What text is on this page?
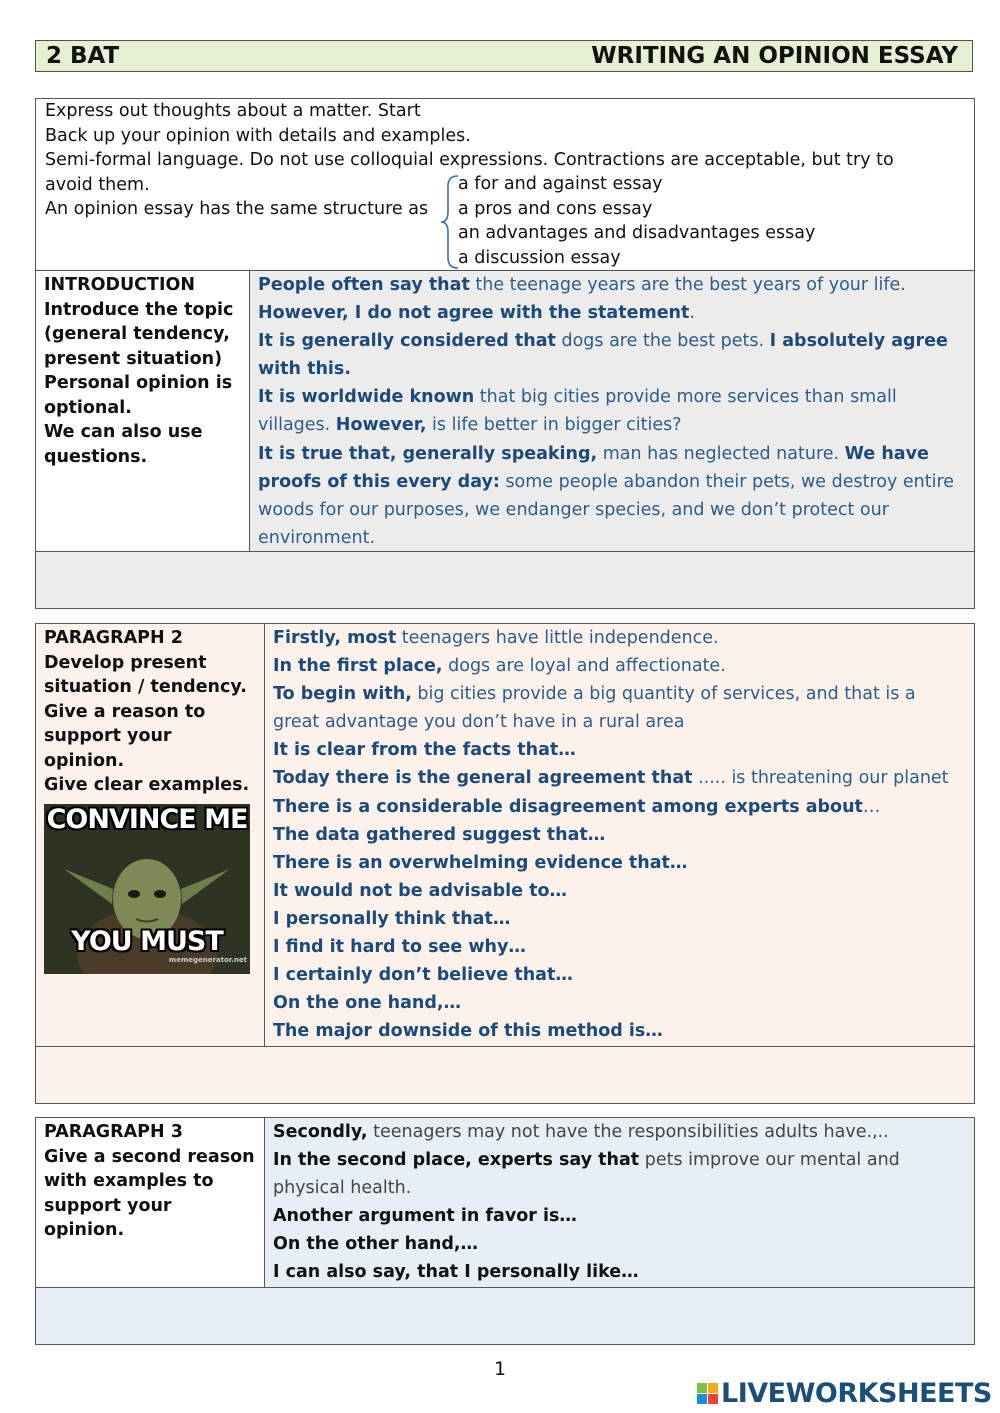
2 BAT	WRITING AN OPINION ESSAY
Express out thoughts about a matter. Start
Back up your opinion with details and examples.
Semi-formal language. Do not use colloquial expressions. Contractions are acceptable, but try to
avoid them.
An opinion essay has the same structure as
a for and against essay
a pros and cons essay
an advantages and disadvantages essay
a discussion essay
INTRODUCTION
Introduce the topic
(general tendency,
present situation)
Personal opinion is
optional.
We can also use
questions.
People often say that the teenage years are the best years of your life.
However, I do not agree with the statement.
It is generally considered that dogs are the best pets. I absolutely agree with this.
It is worldwide known that big cities provide more services than small villages. However, is life better in bigger cities?
It is true that, generally speaking, man has neglected nature. We have proofs of this every day: some people abandon their pets, we destroy entire woods for our purposes, we endanger species, and we don’t protect our environment.
PARAGRAPH 2
Develop present
situation / tendency.
Give a reason to
support your
opinion.
Give clear examples.
CONVINCE ME
YOU MUST
memegenerator.net
Firstly, most teenagers have little independence.
In the first place, dogs are loyal and affectionate.
To begin with, big cities provide a big quantity of services, and that is a great advantage you don’t have in a rural area
It is clear from the facts that…
Today there is the general agreement that ..... is threatening our planet
There is a considerable disagreement among experts about…
The data gathered suggest that…
There is an overwhelming evidence that…
It would not be advisable to…
I personally think that…
I find it hard to see why…
I certainly don’t believe that…
On the one hand,…
The major downside of this method is…
PARAGRAPH 3
Give a second reason
with examples to
support your
opinion.
Secondly, teenagers may not have the responsibilities adults have.,..
In the second place, experts say that pets improve our mental and physical health.
Another argument in favor is…
On the other hand,…
I can also say, that I personally like…
1
LIVEWORKSHEETS
